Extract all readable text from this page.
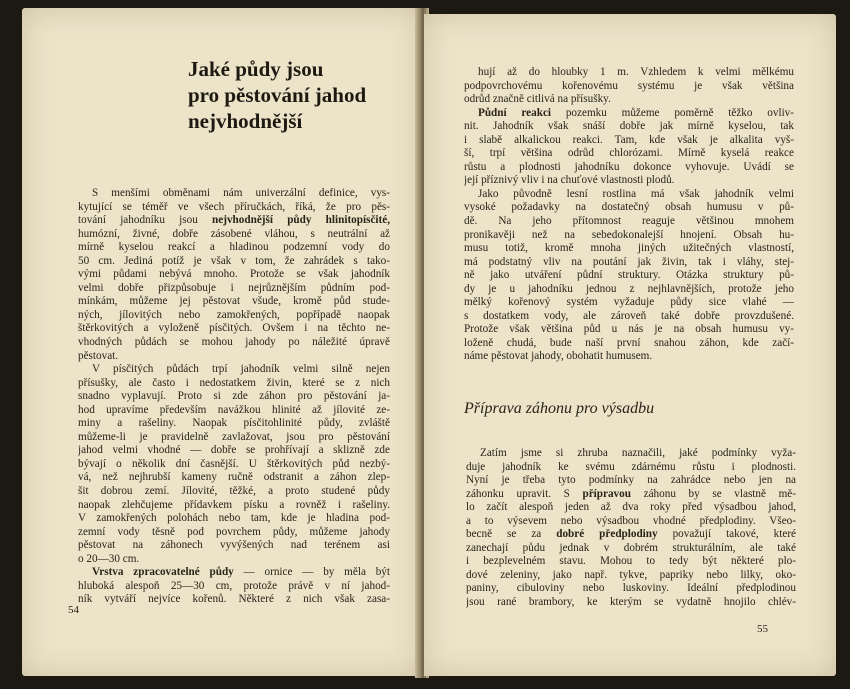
Jaké půdy jsou
pro pěstování jahod
nejvhodnější
S menšími obměnami nám univerzální definice, vys-
kytující se téměř ve všech příručkách, říká, že pro pěs-
tování jahodníku jsou nejvhodnější půdy hlinitopísčité,
humózní, živné, dobře zásobené vláhou, s neutrální až
mírně kyselou reakcí a hladinou podzemní vody do
50 cm. Jediná potíž je však v tom, že zahrádek s tako-
vými půdami nebývá mnoho. Protože se však jahodník
velmi dobře přizpůsobuje i nejrůznějším půdním pod-
mínkám, můžeme jej pěstovat všude, kromě půd stude-
ných, jílovitých nebo zamokřených, popřípadě naopak
štěrkovitých a vyloženě písčitých. Ovšem i na těchto ne-
vhodných půdách se mohou jahody po náležité úpravě
pěstovat.
V písčitých půdách trpí jahodník velmi silně nejen
přísušky, ale často i nedostatkem živin, které se z nich
snadno vyplavují. Proto si zde záhon pro pěstování ja-
hod upravíme především navážkou hlinité až jílovité ze-
miny a rašeliny. Naopak písčitohlinité půdy, zvláště
můžeme-li je pravidelně zavlažovat, jsou pro pěstování
jahod velmi vhodné — dobře se prohřívají a sklizně zde
bývají o několik dní časnější. U štěrkovitých půd nezbý-
vá, než nejhrubší kameny ručně odstranit a záhon zlep-
šit dobrou zemí. Jílovité, těžké, a proto studené půdy
naopak zlehčujeme přídavkem písku a rovněž i rašeliny.
V zamokřených polohách nebo tam, kde je hladina pod-
zemní vody těsně pod povrchem půdy, můžeme jahody
pěstovat na záhonech vyvýšených nad terénem asi
o 20—30 cm.
Vrstva zpracovatelné půdy — ornice — by měla být
hluboká alespoň 25—30 cm, protože právě v ní jahod-
ník vytváří nejvíce kořenů. Některé z nich však zasa-
54
hují až do hloubky 1 m. Vzhledem k velmi mělkému
podpovrchovému kořenovému systému je však většina
odrůd značně citlivá na přísušky.
Půdní reakci pozemku můžeme poměrně těžko ovliv-
nit. Jahodník však snáší dobře jak mírně kyselou, tak
i slabě alkalickou reakci. Tam, kde však je alkalita vyš-
ší, trpí většina odrůd chlorózami. Mírně kyselá reakce
růstu a plodnosti jahodníku dokonce vyhovuje. Uvádí se
její příznivý vliv i na chuťové vlastnosti plodů.
Jako původně lesní rostlina má však jahodník velmi
vysoké požadavky na dostatečný obsah humusu v pů-
dě. Na jeho přítomnost reaguje většinou mnohem
pronikavěji než na sebedokonalejší hnojení. Obsah hu-
musu totiž, kromě mnoha jiných užitečných vlastností,
má podstatný vliv na poutání jak živin, tak i vláhy, stej-
ně jako utváření půdní struktury. Otázka struktury pů-
dy je u jahodníku jednou z nejhlavnějších, protože jeho
mělký kořenový systém vyžaduje půdy sice vlahé —
s dostatkem vody, ale zároveň také dobře provzdušené.
Protože však většina půd u nás je na obsah humusu vy-
loženě chudá, bude naší první snahou záhon, kde začí-
náme pěstovat jahody, obohatit humusem.
Příprava záhonu pro výsadbu
Zatím jsme si zhruba naznačili, jaké podmínky vyža-
duje jahodník ke svému zdárnému růstu i plodnosti.
Nyní je třeba tyto podmínky na zahrádce nebo jen na
záhonku upravit. S přípravou záhonu by se vlastně mě-
lo začít alespoň jeden až dva roky před výsadbou jahod,
a to výsevem nebo výsadbou vhodné předplodiny. Všeo-
becně se za dobré předplodiny považují takové, které
zanechají půdu jednak v dobrém strukturálním, ale také
i bezplevelném stavu. Mohou to tedy být některé plo-
dové zeleniny, jako např. tykve, papriky nebo lilky, oko-
paniny, cibuloviny nebo luskoviny. Ideální předplodinou
jsou rané brambory, ke kterým se vydatně hnojilo chlév-
55
